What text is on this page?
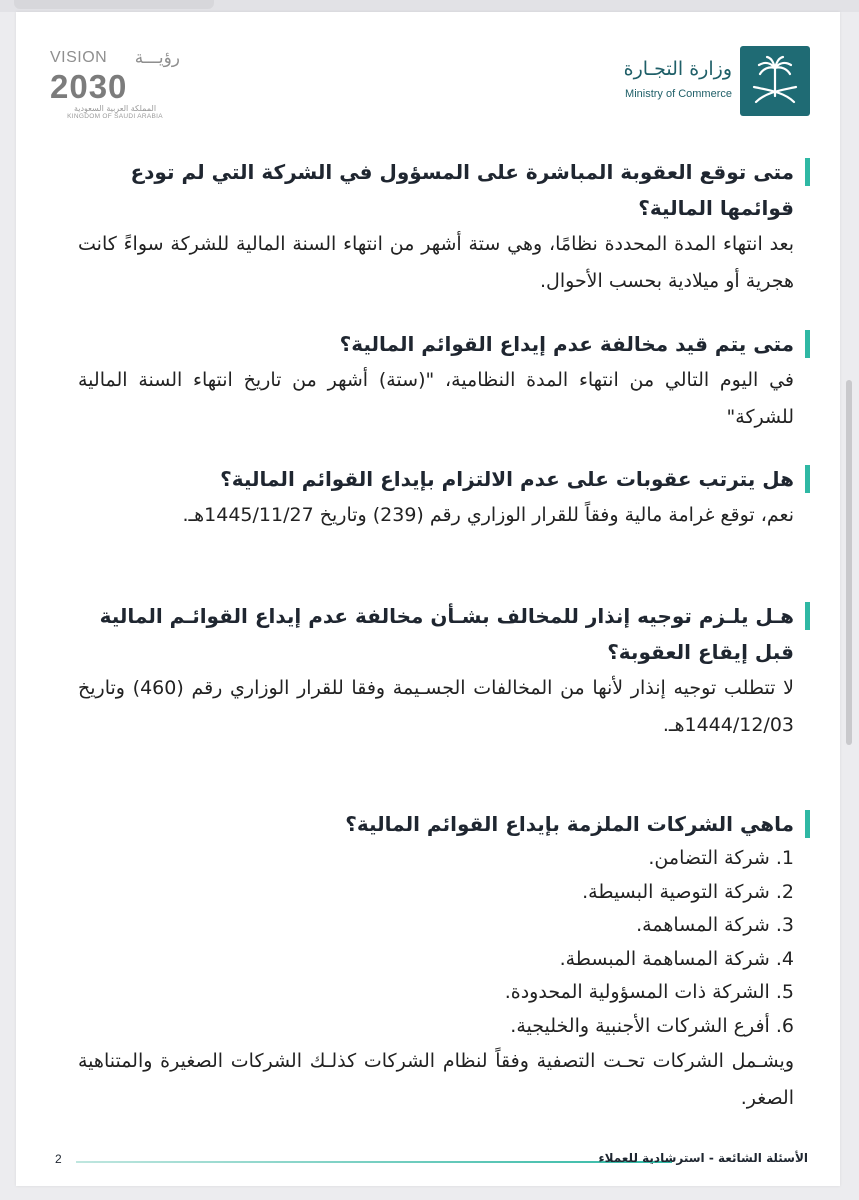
VISION رؤيـــة
2030
المملكة العربية السعودية
KINGDOM OF SAUDI ARABIA
وزارة التجـارة
Ministry of Commerce
متى توقع العقوبة المباشرة على المسؤول في الشركة التي لم تودع قوائمها المالية؟
بعد انتهاء المدة المحددة نظامًا، وهي ستة أشهر من انتهاء السنة المالية للشركة سواءً كانت هجرية أو ميلادية بحسب الأحوال.
متى يتم قيد مخالفة عدم إيداع القوائم المالية؟
في اليوم التالي من انتهاء المدة النظامية، "(ستة) أشهر من تاريخ انتهاء السنة المالية للشركة"
هل يترتب عقوبات على عدم الالتزام بإيداع القوائم المالية؟
نعم، توقع غرامة مالية وفقاً للقرار الوزاري رقم (239) وتاريخ 1445/11/27هـ.
هـل يلـزم توجيه إنذار للمخالف بشـأن مخالفة عدم إيداع القوائـم المالية قبل إيقاع العقوبة؟
لا تتطلب توجيه إنذار لأنها من المخالفات الجسـيمة وفقا للقرار الوزاري رقم (460) وتاريخ 1444/12/03هـ.
ماهي الشركات الملزمة بإيداع القوائم المالية؟
1. شركة التضامن.
2. شركة التوصية البسيطة.
3. شركة المساهمة.
4. شركة المساهمة المبسطة.
5. الشركة ذات المسؤولية المحدودة.
6. أفرع الشركات الأجنبية والخليجية.
ويشـمل الشركات تحـت التصفية وفقاً لنظام الشركات كذلـك الشركات الصغيرة والمتناهية الصغر.
الأسئلة الشائعة - استرشادية للعملاء
2
